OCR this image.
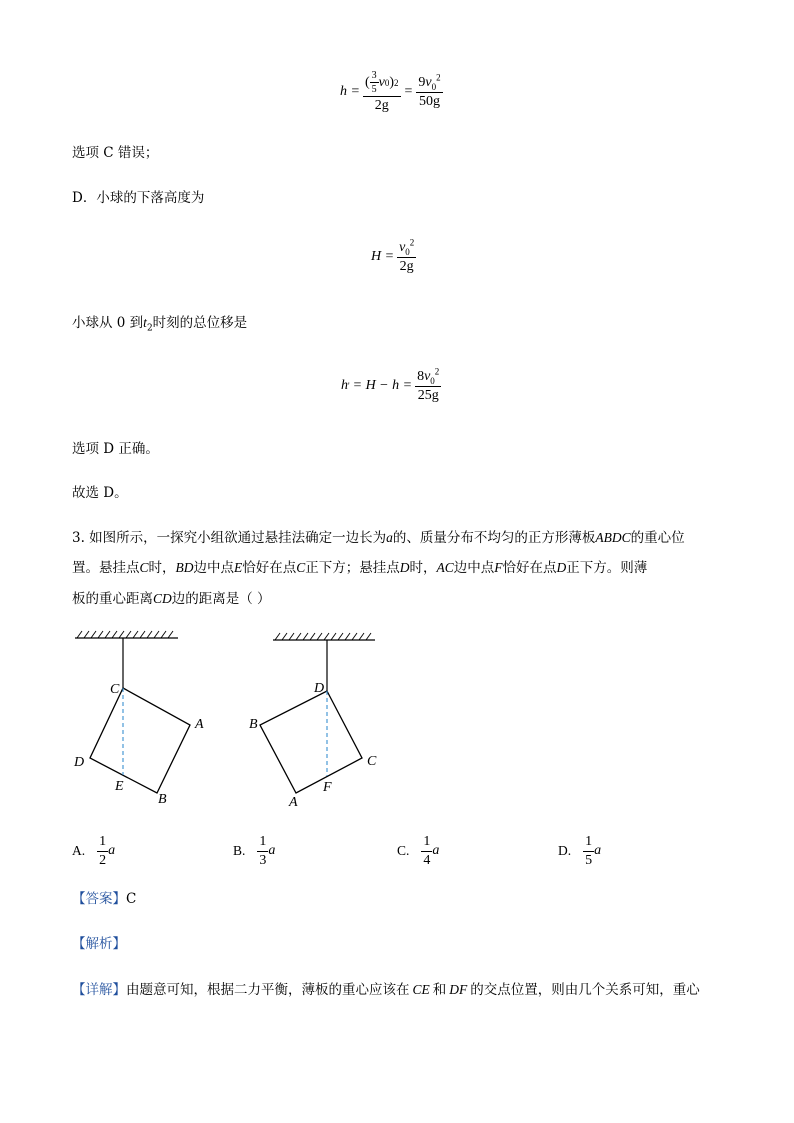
$h = \frac{( \frac{3}{5} v 0 ) 2}{2g} = \frac{9v_0^2}{50g}$
选项 C 错误；
D．小球的下落高度为
$H = \frac{v_0^2}{2g}$
小球从 0 到$t_2$时刻的总位移是
h ' = $H - h = \frac{8v_0^2}{25g}$
选项 D 正确。
故选 D。
3. 如图所示，一探究小组欲通过悬挂法确定一边长为a的、质量分布不均匀的正方形薄板ABDC的重心位
置。悬挂点C时，BD边中点E恰好在点C正下方；悬挂点D时，AC边中点F恰好在点D正下方。则薄
板的重心距离CD边的距离是（ ）
C
A
D
E
B
D
B
C
F
A
A. $\frac{1}{2}$ a	B. $\frac{1}{3}$ a	C. $\frac{1}{4}$ a	D. $\frac{1}{5}$ a
【答案】C
【解析】
【详解】由题意可知，根据二力平衡，薄板的重心应该在 CE 和 DF 的交点位置，则由几个关系可知，重心
